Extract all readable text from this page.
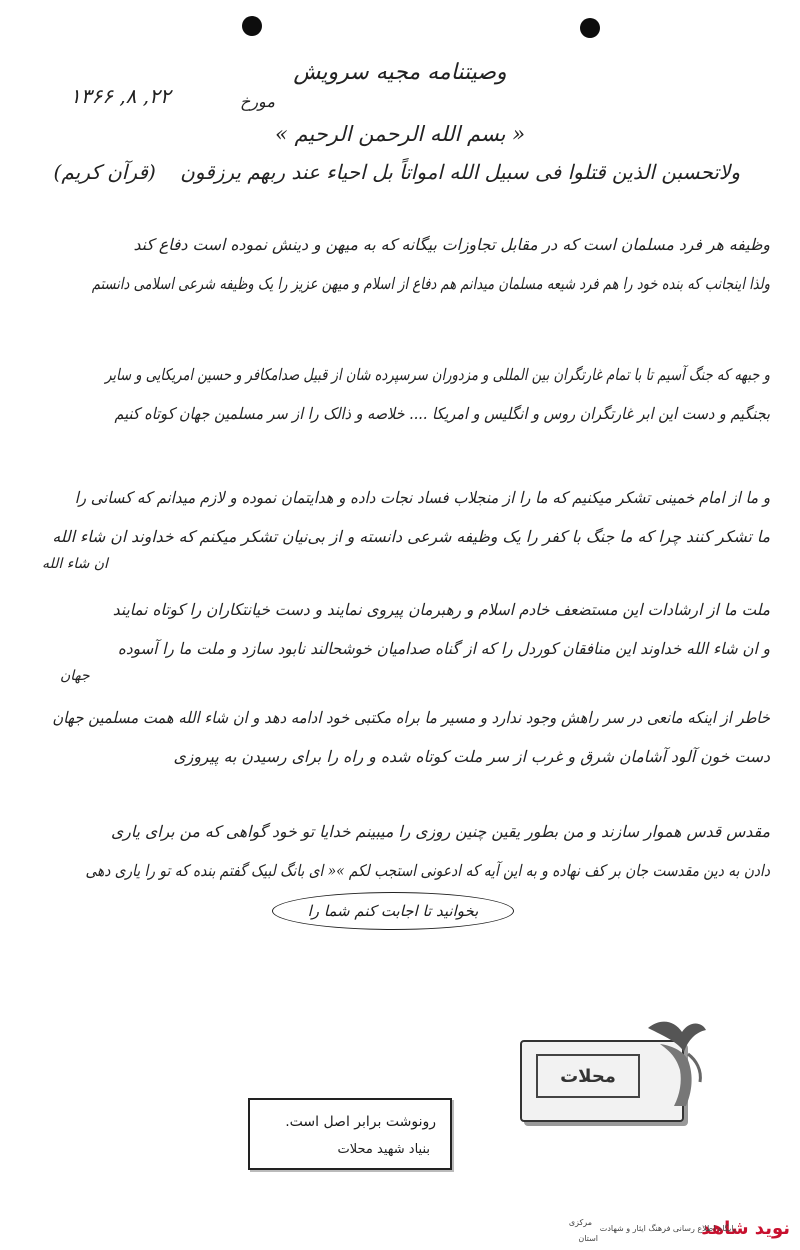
وصیتنامه مجیه سرویش
۱۳۶۶ ,۸ ,۲۲	مورخ
« بسم الله الرحمن الرحیم »
ولاتحسبن الذین قتلوا فی سبیل الله امواتاً بل احیاء عند ربهم یرزقون (قرآن کریم)
وظیفه هر فرد مسلمان است که در مقابل تجاوزات بیگانه که به میهن و دینش نموده است دفاع کند
ولذا اینجانب که بنده خود را هم فرد شیعه مسلمان میدانم هم دفاع از اسلام و میهن عزیز را یک وظیفه شرعی اسلامی دانستم
و جبهه که جنگ آسیم تا با تمام غارتگران بین المللی و مزدوران سرسپرده شان از قبیل صدامکافر و حسین امریکایی و سایر
بجنگیم و دست این ابر غارتگران روس و انگلیس و امریکا .... خلاصه و ذالک را از سر مسلمین جهان کوتاه کنیم
و ما از امام خمینی تشکر میکنیم که ما را از منجلاب فساد نجات داده و هدایتمان نموده و لازم میدانم که کسانی را
ما تشکر کنند چرا که ما جنگ با کفر را یک وظیفه شرعی دانسته و از بی‌نیان تشکر میکنم که خداوند ان شاء الله
ان شاء الله
ملت ما از ارشادات این مستضعف خادم اسلام و رهبرمان پیروی نمایند و دست خیانتکاران را کوتاه نمایند
و ان شاء الله خداوند این منافقان کوردل را که از گناه صدامیان خوشحالند نابود سازد و ملت ما را آسوده
جهان
خاطر از اینکه مانعی در سر راهش وجود ندارد و مسیر ما براه مکتبی خود ادامه دهد و ان شاء الله همت مسلمین جهان
دست خون آلود آشامان شرق و غرب از سر ملت کوتاه شده و راه را برای رسیدن به پیروزی
مقدس قدس هموار سازند و من بطور یقین چنین روزی را میبینم خدایا تو خود گواهی که من برای یاری
دادن به دین مقدست جان بر کف نهاده و به این آیه که ادعونی استجب لکم »« ای بانگ لبیک گفتم بنده که تو را یاری دهی
بخوانید تا اجابت کنم شما را
محلات
رونوشت برابر اصل است.
بنیاد شهید محلات
نوید شاهد
پایگاه اطلاع رسانی فرهنگ ایثار و شهادت
استان
مرکزی
